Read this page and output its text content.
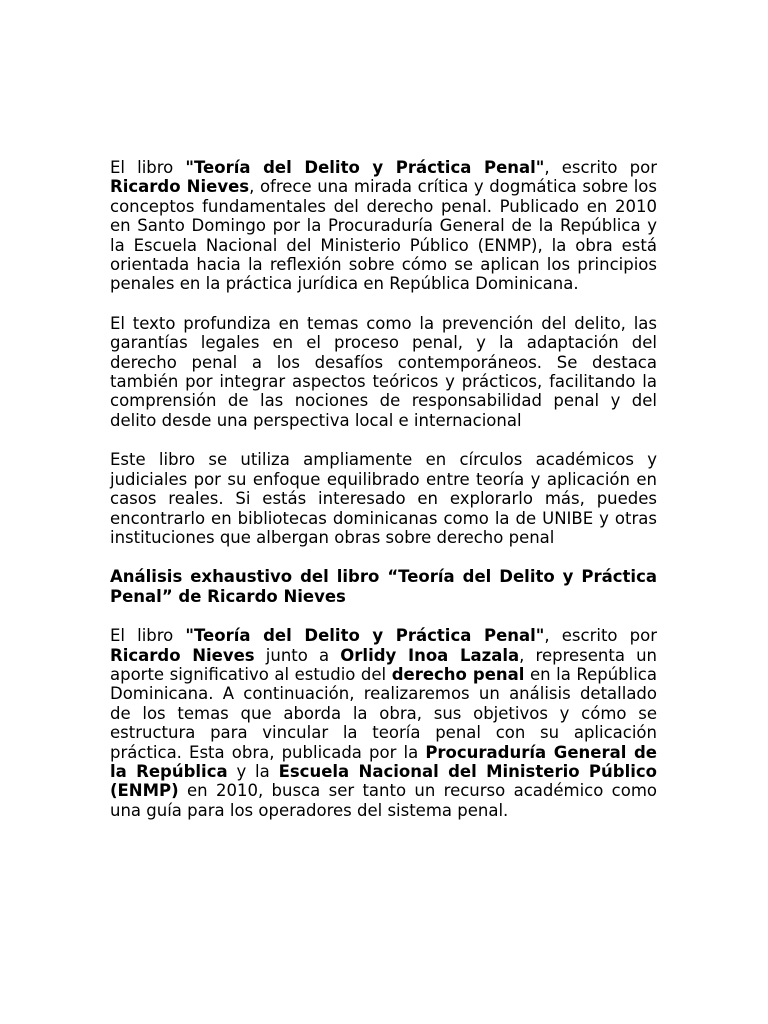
El libro "Teoría del Delito y Práctica Penal", escrito por Ricardo Nieves, ofrece una mirada crítica y dogmática sobre los conceptos fundamentales del derecho penal. Publicado en 2010 en Santo Domingo por la Procuraduría General de la República y la Escuela Nacional del Ministerio Público (ENMP), la obra está orientada hacia la reflexión sobre cómo se aplican los principios penales en la práctica jurídica en República Dominicana.

El texto profundiza en temas como la prevención del delito, las garantías legales en el proceso penal, y la adaptación del derecho penal a los desafíos contemporáneos. Se destaca también por integrar aspectos teóricos y prácticos, facilitando la comprensión de las nociones de responsabilidad penal y del delito desde una perspectiva local e internacional

Este libro se utiliza ampliamente en círculos académicos y judiciales por su enfoque equilibrado entre teoría y aplicación en casos reales. Si estás interesado en explorarlo más, puedes encontrarlo en bibliotecas dominicanas como la de UNIBE y otras instituciones que albergan obras sobre derecho penal

Análisis exhaustivo del libro “Teoría del Delito y Práctica Penal” de Ricardo Nieves

El libro "Teoría del Delito y Práctica Penal", escrito por Ricardo Nieves junto a Orlidy Inoa Lazala, representa un aporte significativo al estudio del derecho penal en la República Dominicana. A continuación, realizaremos un análisis detallado de los temas que aborda la obra, sus objetivos y cómo se estructura para vincular la teoría penal con su aplicación práctica. Esta obra, publicada por la Procuraduría General de la República y la Escuela Nacional del Ministerio Público (ENMP) en 2010, busca ser tanto un recurso académico como una guía para los operadores del sistema penal.
